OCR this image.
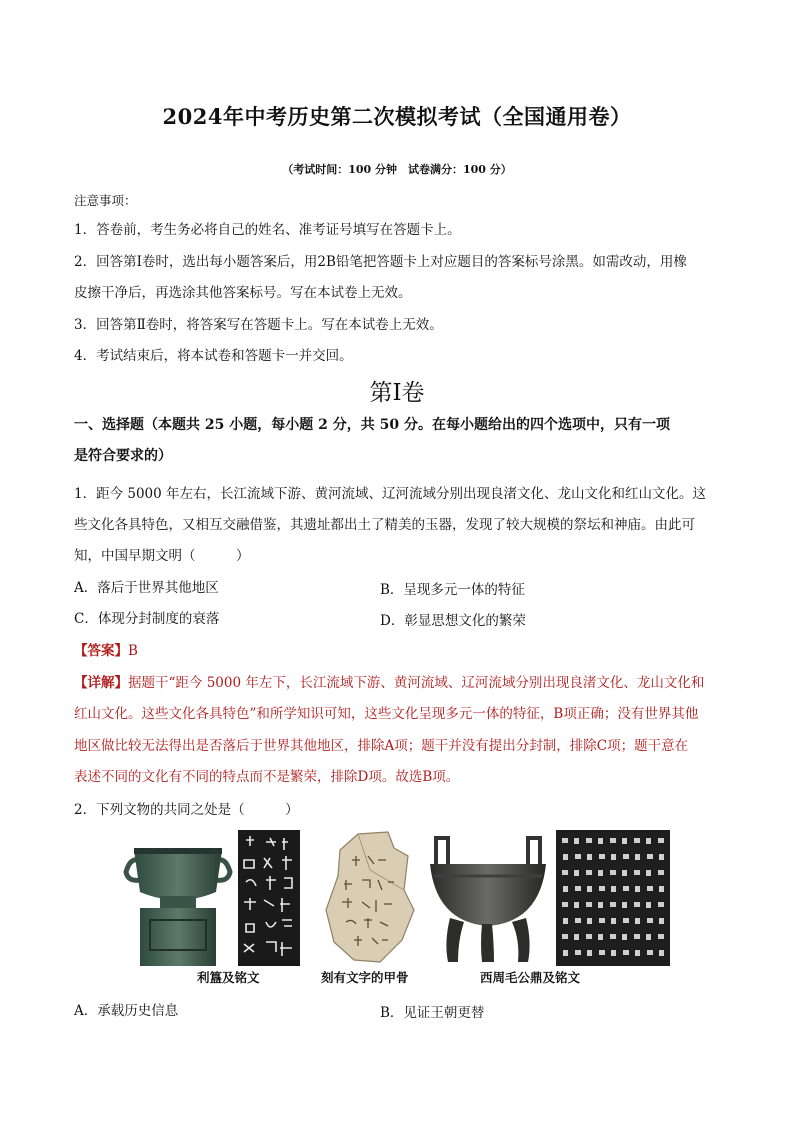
2024年中考历史第二次模拟考试（全国通用卷）
（考试时间：100 分钟　试卷满分：100 分）
注意事项：
1．答卷前，考生务必将自己的姓名、准考证号填写在答题卡上。
2．回答第Ⅰ卷时，选出每小题答案后，用2B铅笔把答题卡上对应题目的答案标号涂黑。如需改动，用橡
皮擦干净后，再选涂其他答案标号。写在本试卷上无效。
3．回答第Ⅱ卷时，将答案写在答题卡上。写在本试卷上无效。
4．考试结束后，将本试卷和答题卡一并交回。
第Ⅰ卷
一、选择题（本题共 25 小题，每小题 2 分，共 50 分。在每小题给出的四个选项中，只有一项
是符合要求的）
1．距今 5000 年左右，长江流域下游、黄河流域、辽河流域分别出现良渚文化、龙山文化和红山文化。这
些文化各具特色，又相互交融借鉴，其遗址都出土了精美的玉器，发现了较大规模的祭坛和神庙。由此可
知，中国早期文明（　　　）
A．落后于世界其他地区	B．呈现多元一体的特征
C．体现分封制度的衰落	D．彰显思想文化的繁荣
【答案】B
【详解】据题干“距今 5000 年左下，长江流域下游、黄河流域、辽河流域分别出现良渚文化、龙山文化和
红山文化。这些文化各具特色”和所学知识可知，这些文化呈现多元一体的特征，B项正确；没有世界其他
地区做比较无法得出是否落后于世界其他地区，排除A项；题干并没有提出分封制，排除C项；题干意在
表述不同的文化有不同的特点而不是繁荣，排除D项。故选B项。
2．下列文物的共同之处是（　　　）
利簋及铭文	刻有文字的甲骨	西周毛公鼎及铭文
A．承载历史信息	B．见证王朝更替
